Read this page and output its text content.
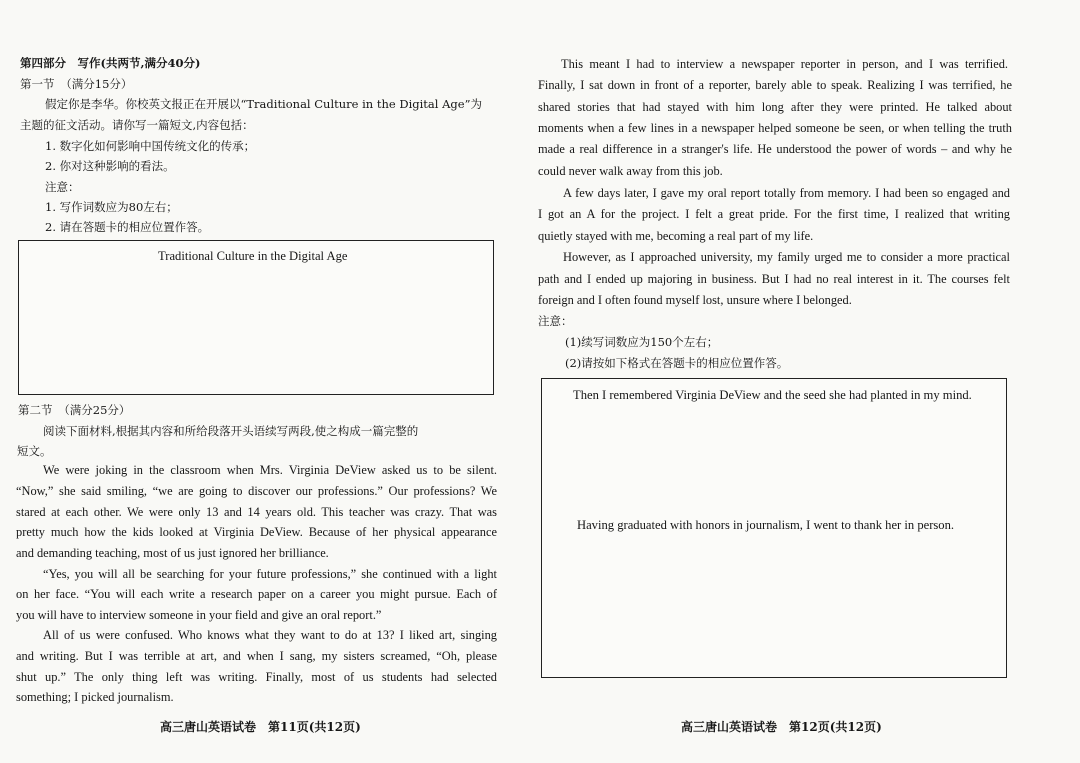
第四部分　写作(共两节,满分40分)
第一节　（满分15分）
假定你是李华。你校英文报正在开展以“Traditional Culture in the Digital Age”为
主题的征文活动。请你写一篇短文,内容包括：
1. 数字化如何影响中国传统文化的传承；
2. 你对这种影响的看法。
注意：
1. 写作词数应为80左右；
2. 请在答题卡的相应位置作答。
Traditional Culture in the Digital Age
第二节　（满分25分）
阅读下面材料,根据其内容和所给段落开头语续写两段,使之构成一篇完整的
短文。
We were joking in the classroom when Mrs. Virginia DeView asked us to be silent.
“Now,” she said smiling, “we are going to discover our professions.” Our professions? We
stared at each other. We were only 13 and 14 years old. This teacher was crazy. That was
pretty much how the kids looked at Virginia DeView. Because of her physical appearance
and demanding teaching, most of us just ignored her brilliance.
“Yes, you will all be searching for your future professions,” she continued with a light
on her face. “You will each write a research paper on a career you might pursue. Each of
you will have to interview someone in your field and give an oral report.”
All of us were confused. Who knows what they want to do at 13? I liked art, singing
and writing. But I was terrible at art, and when I sang, my sisters screamed, “Oh, please
shut up.” The only thing left was writing. Finally, most of us students had selected
something; I picked journalism.
高三唐山英语试卷　第11页(共12页)
This meant I had to interview a newspaper reporter in person, and I was terrified.
Finally, I sat down in front of a reporter, barely able to speak. Realizing I was terrified, he
shared stories that had stayed with him long after they were printed. He talked about
moments when a few lines in a newspaper helped someone be seen, or when telling the truth
made a real difference in a stranger's life. He understood the power of words – and why he
could never walk away from this job.
A few days later, I gave my oral report totally from memory. I had been so engaged and
I got an A for the project. I felt a great pride. For the first time, I realized that writing
quietly stayed with me, becoming a real part of my life.
However, as I approached university, my family urged me to consider a more practical
path and I ended up majoring in business. But I had no real interest in it. The courses felt
foreign and I often found myself lost, unsure where I belonged.
注意：
(1)续写词数应为150个左右；
(2)请按如下格式在答题卡的相应位置作答。
Then I remembered Virginia DeView and the seed she had planted in my mind.
Having graduated with honors in journalism, I went to thank her in person.
高三唐山英语试卷　第12页(共12页)
